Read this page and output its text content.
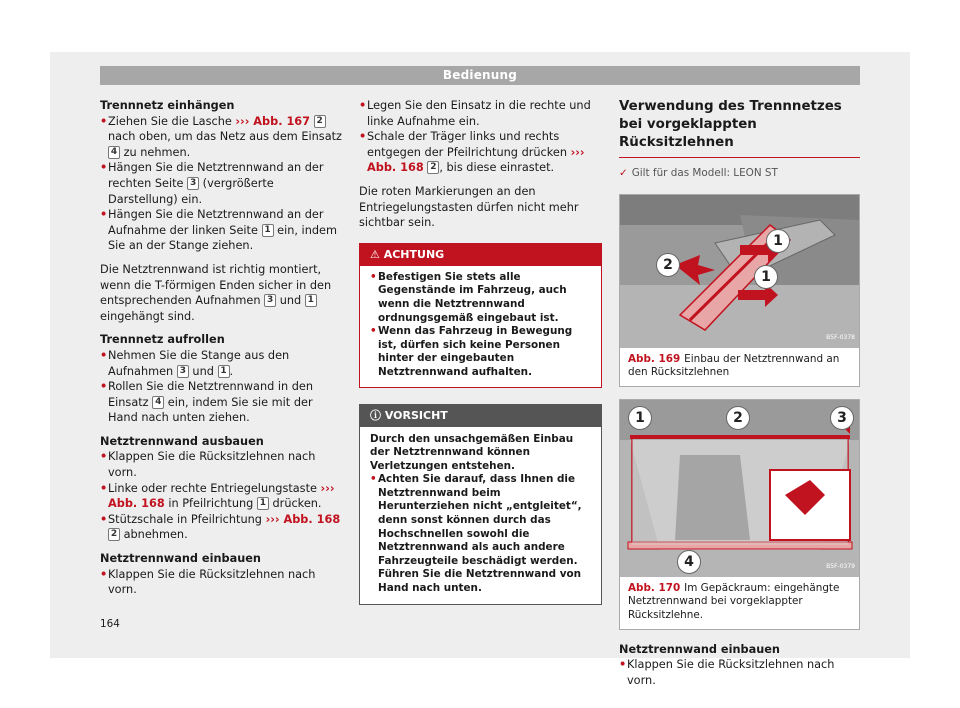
Bedienung

Trennnetz einhängen

• Ziehen Sie die Lasche ››› Abb. 167 2 nach oben, um das Netz aus dem Einsatz 4 zu nehmen.

• Hängen Sie die Netztrennwand an der rechten Seite 3 (vergrößerte Darstellung) ein.

• Hängen Sie die Netztrennwand an der Aufnahme der linken Seite 1 ein, indem Sie an der Stange ziehen.

Die Netztrennwand ist richtig montiert, wenn die T-förmigen Enden sicher in den entsprechenden Aufnahmen 3 und 1 eingehängt sind.

Trennnetz aufrollen

• Nehmen Sie die Stange aus den Aufnahmen 3 und 1 .

• Rollen Sie die Netztrennwand in den Einsatz 4 ein, indem Sie sie mit der Hand nach unten ziehen.

Netztrennwand ausbauen

• Klappen Sie die Rücksitzlehnen nach vorn.

• Linke oder rechte Entriegelungstaste ››› Abb. 168 in Pfeilrichtung 1 drücken.

• Stützschale in Pfeilrichtung ››› Abb. 168 2 abnehmen.

Netztrennwand einbauen

• Klappen Sie die Rücksitzlehnen nach vorn.

• Legen Sie den Einsatz in die rechte und linke Aufnahme ein.

• Schale der Träger links und rechts entgegen der Pfeilrichtung drücken ››› Abb. 168 2 , bis diese einrastet.

Die roten Markierungen an den Entriegelungstasten dürfen nicht mehr sichtbar sein.

⚠ ACHTUNG

• Befestigen Sie stets alle Gegenstände im Fahrzeug, auch wenn die Netztrennwand ordnungsgemäß eingebaut ist.

• Wenn das Fahrzeug in Bewegung ist, dürfen sich keine Personen hinter der eingebauten Netztrennwand aufhalten.

ⓘ VORSICHT

Durch den unsachgemäßen Einbau der Netztrennwand können Verletzungen entstehen.

• Achten Sie darauf, dass Ihnen die Netztrennwand beim Herunterziehen nicht „entgleitet“, denn sonst können durch das Hochschnellen sowohl die Netztrennwand als auch andere Fahrzeugteile beschädigt werden. Führen Sie die Netztrennwand von Hand nach unten.

Verwendung des Trennnetzes bei vorgeklappten Rücksitzlehnen

✓ Gilt für das Modell: LEON ST

1
2
1
B5F-0378
Abb. 169 Einbau der Netztrennwand an den Rücksitzlehnen
1	2	3
4	B5F-0379
Abb. 170 Im Gepäckraum: eingehängte Netztrennwand bei vorgeklappter Rücksitzlehne.

Netztrennwand einbauen

• Klappen Sie die Rücksitzlehnen nach vorn.

164
